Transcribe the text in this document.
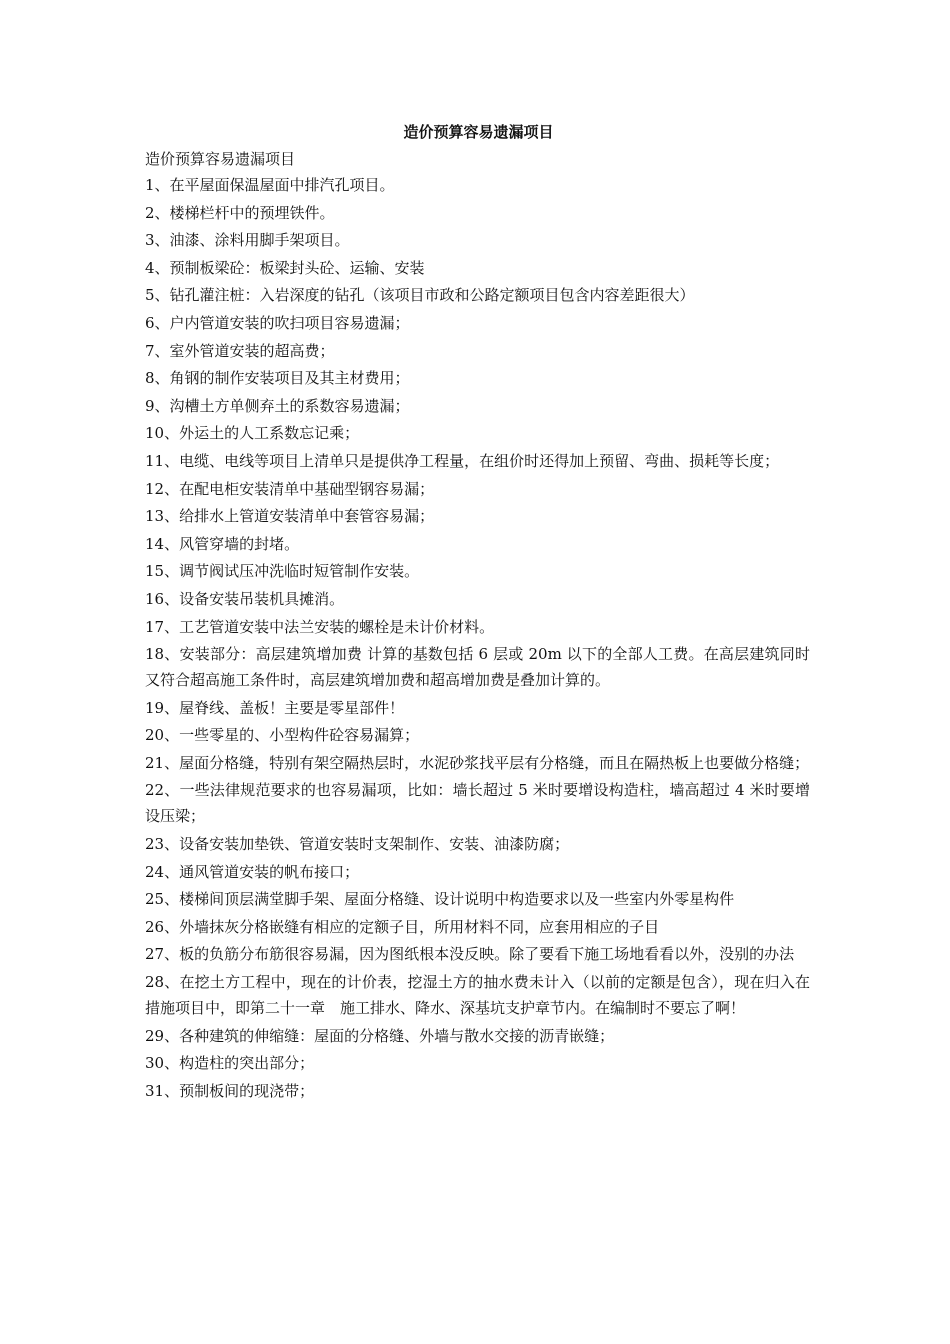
造价预算容易遗漏项目

造价预算容易遗漏项目

1、在平屋面保温屋面中排汽孔项目。
2、楼梯栏杆中的预埋铁件。
3、油漆、涂料用脚手架项目。
4、预制板梁砼：板梁封头砼、运输、安装
5、钻孔灌注桩：入岩深度的钻孔（该项目市政和公路定额项目包含内容差距很大）
6、户内管道安装的吹扫项目容易遗漏；
7、室外管道安装的超高费；
8、角钢的制作安装项目及其主材费用；
9、沟槽土方单侧弃土的系数容易遗漏；
10、外运土的人工系数忘记乘；
11、电缆、电线等项目上清单只是提供净工程量，在组价时还得加上预留、弯曲、损耗等长度；
12、在配电柜安装清单中基础型钢容易漏；
13、给排水上管道安装清单中套管容易漏；
14、风管穿墙的封堵。
15、调节阀试压冲洗临时短管制作安装。
16、设备安装吊装机具摊消。
17、工艺管道安装中法兰安装的螺栓是未计价材料。
18、安装部分：高层建筑增加费 计算的基数包括 6 层或 20m 以下的全部人工费。在高层建筑同时又符合超高施工条件时，高层建筑增加费和超高增加费是叠加计算的。
19、屋脊线、盖板！主要是零星部件！
20、一些零星的、小型构件砼容易漏算；
21、屋面分格缝，特别有架空隔热层时，水泥砂浆找平层有分格缝，而且在隔热板上也要做分格缝；
22、一些法律规范要求的也容易漏项，比如：墙长超过 5 米时要增设构造柱，墙高超过 4 米时要增设压梁；
23、设备安装加垫铁、管道安装时支架制作、安装、油漆防腐；
24、通风管道安装的帆布接口；
25、楼梯间顶层满堂脚手架、屋面分格缝、设计说明中构造要求以及一些室内外零星构件
26、外墙抹灰分格嵌缝有相应的定额子目，所用材料不同，应套用相应的子目
27、板的负筋分布筋很容易漏，因为图纸根本没反映。除了要看下施工场地看看以外，没别的办法
28、在挖土方工程中，现在的计价表，挖湿土方的抽水费未计入（以前的定额是包含），现在归入在措施项目中，即第二十一章　施工排水、降水、深基坑支护章节内。在编制时不要忘了啊！
29、各种建筑的伸缩缝：屋面的分格缝、外墙与散水交接的沥青嵌缝；
30、构造柱的突出部分；
31、预制板间的现浇带；
